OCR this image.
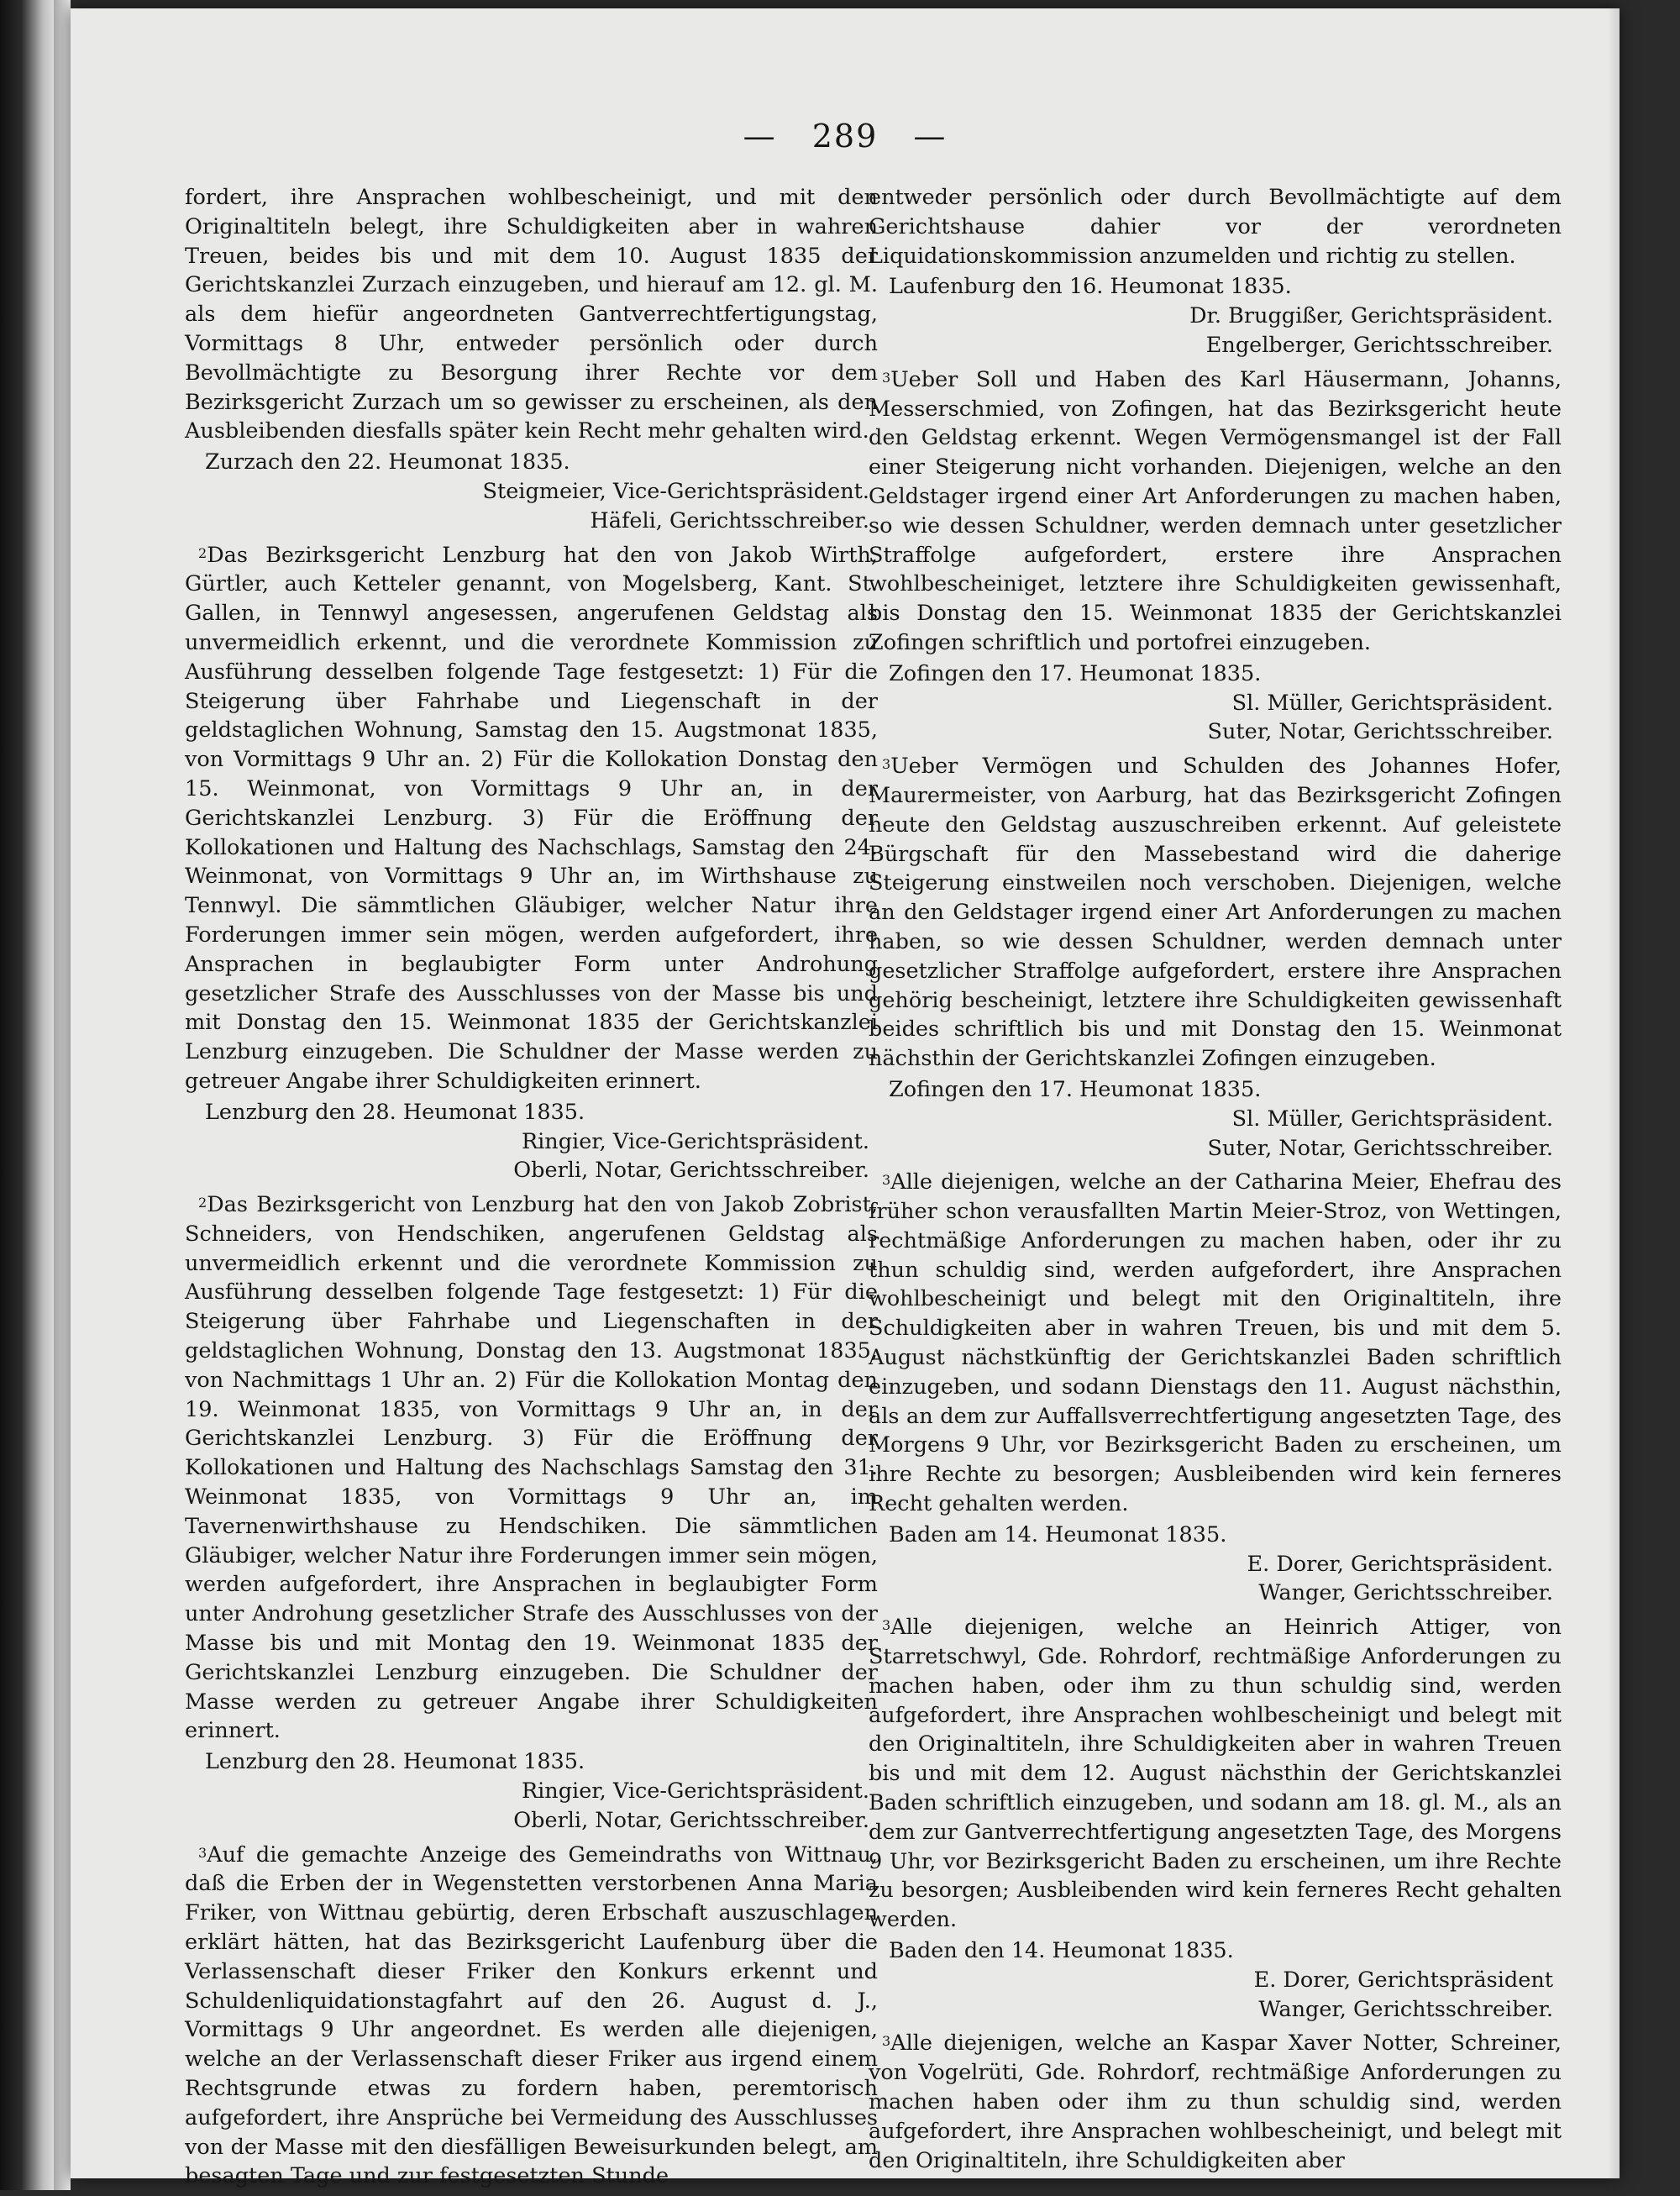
— 289 —

fordert, ihre Ansprachen wohlbescheinigt, und mit den Originaltiteln belegt, ihre Schuldigkeiten aber in wahren Treuen, beides bis und mit dem 10. August 1835 der Gerichtskanzlei Zurzach einzugeben, und hierauf am 12. gl. M. als dem hiefür angeordneten Gantverrechtfertigungstag, Vormittags 8 Uhr, entweder persönlich oder durch Bevollmächtigte zu Besorgung ihrer Rechte vor dem Bezirksgericht Zurzach um so gewisser zu erscheinen, als den Ausbleibenden diesfalls später kein Recht mehr gehalten wird.

Zurzach den 22. Heumonat 1835.
Steigmeier, Vice-Gerichtspräsident.
Häfeli, Gerichtsschreiber.

$^2$Das Bezirksgericht Lenzburg hat den von Jakob Wirth, Gürtler, auch Ketteler genannt, von Mogelsberg, Kant. St. Gallen, in Tennwyl angesessen, angerufenen Geldstag als unvermeidlich erkennt, und die verordnete Kommission zu Ausführung desselben folgende Tage festgesetzt: 1) Für die Steigerung über Fahrhabe und Liegenschaft in der geldstaglichen Wohnung, Samstag den 15. Augstmonat 1835, von Vormittags 9 Uhr an. 2) Für die Kollokation Donstag den 15. Weinmonat, von Vormittags 9 Uhr an, in der Gerichtskanzlei Lenzburg. 3) Für die Eröffnung der Kollokationen und Haltung des Nachschlags, Samstag den 24. Weinmonat, von Vormittags 9 Uhr an, im Wirthshause zu Tennwyl. Die sämmtlichen Gläubiger, welcher Natur ihre Forderungen immer sein mögen, werden aufgefordert, ihre Ansprachen in beglaubigter Form unter Androhung gesetzlicher Strafe des Ausschlusses von der Masse bis und mit Donstag den 15. Weinmonat 1835 der Gerichtskanzlei Lenzburg einzugeben. Die Schuldner der Masse werden zu getreuer Angabe ihrer Schuldigkeiten erinnert.

Lenzburg den 28. Heumonat 1835.
Ringier, Vice-Gerichtspräsident.
Oberli, Notar, Gerichtsschreiber.

$^2$Das Bezirksgericht von Lenzburg hat den von Jakob Zobrist, Schneiders, von Hendschiken, angerufenen Geldstag als unvermeidlich erkennt und die verordnete Kommission zu Ausführung desselben folgende Tage festgesetzt: 1) Für die Steigerung über Fahrhabe und Liegenschaften in der geldstaglichen Wohnung, Donstag den 13. Augstmonat 1835, von Nachmittags 1 Uhr an. 2) Für die Kollokation Montag den 19. Weinmonat 1835, von Vormittags 9 Uhr an, in der Gerichtskanzlei Lenzburg. 3) Für die Eröffnung der Kollokationen und Haltung des Nachschlags Samstag den 31. Weinmonat 1835, von Vormittags 9 Uhr an, im Tavernenwirthshause zu Hendschiken. Die sämmtlichen Gläubiger, welcher Natur ihre Forderungen immer sein mögen, werden aufgefordert, ihre Ansprachen in beglaubigter Form unter Androhung gesetzlicher Strafe des Ausschlusses von der Masse bis und mit Montag den 19. Weinmonat 1835 der Gerichtskanzlei Lenzburg einzugeben. Die Schuldner der Masse werden zu getreuer Angabe ihrer Schuldigkeiten erinnert.

Lenzburg den 28. Heumonat 1835.
Ringier, Vice-Gerichtspräsident.
Oberli, Notar, Gerichtsschreiber.

$^3$Auf die gemachte Anzeige des Gemeindraths von Wittnau, daß die Erben der in Wegenstetten verstorbenen Anna Maria Friker, von Wittnau gebürtig, deren Erbschaft auszuschlagen erklärt hätten, hat das Bezirksgericht Laufenburg über die Verlassenschaft dieser Friker den Konkurs erkennt und Schuldenliquidationstagfahrt auf den 26. August d. J., Vormittags 9 Uhr angeordnet. Es werden alle diejenigen, welche an der Verlassenschaft dieser Friker aus irgend einem Rechtsgrunde etwas zu fordern haben, peremtorisch aufgefordert, ihre Ansprüche bei Vermeidung des Ausschlusses von der Masse mit den diesfälligen Beweisurkunden belegt, am besagten Tage und zur festgesetzten Stunde

entweder persönlich oder durch Bevollmächtigte auf dem Gerichtshause dahier vor der verordneten Liquidationskommission anzumelden und richtig zu stellen.

Laufenburg den 16. Heumonat 1835.
Dr. Bruggißer, Gerichtspräsident.
Engelberger, Gerichtsschreiber.

$^3$Ueber Soll und Haben des Karl Häusermann, Johanns, Messerschmied, von Zofingen, hat das Bezirksgericht heute den Geldstag erkennt. Wegen Vermögensmangel ist der Fall einer Steigerung nicht vorhanden. Diejenigen, welche an den Geldstager irgend einer Art Anforderungen zu machen haben, so wie dessen Schuldner, werden demnach unter gesetzlicher Straffolge aufgefordert, erstere ihre Ansprachen wohlbescheiniget, letztere ihre Schuldigkeiten gewissenhaft, bis Donstag den 15. Weinmonat 1835 der Gerichtskanzlei Zofingen schriftlich und portofrei einzugeben.

Zofingen den 17. Heumonat 1835.
Sl. Müller, Gerichtspräsident.
Suter, Notar, Gerichtsschreiber.

$^3$Ueber Vermögen und Schulden des Johannes Hofer, Maurermeister, von Aarburg, hat das Bezirksgericht Zofingen heute den Geldstag auszuschreiben erkennt. Auf geleistete Bürgschaft für den Massebestand wird die daherige Steigerung einstweilen noch verschoben. Diejenigen, welche an den Geldstager irgend einer Art Anforderungen zu machen haben, so wie dessen Schuldner, werden demnach unter gesetzlicher Straffolge aufgefordert, erstere ihre Ansprachen gehörig bescheinigt, letztere ihre Schuldigkeiten gewissenhaft beides schriftlich bis und mit Donstag den 15. Weinmonat nächsthin der Gerichtskanzlei Zofingen einzugeben.

Zofingen den 17. Heumonat 1835.
Sl. Müller, Gerichtspräsident.
Suter, Notar, Gerichtsschreiber.

$^3$Alle diejenigen, welche an der Catharina Meier, Ehefrau des früher schon verausfallten Martin Meier-Stroz, von Wettingen, rechtmäßige Anforderungen zu machen haben, oder ihr zu thun schuldig sind, werden aufgefordert, ihre Ansprachen wohlbescheinigt und belegt mit den Originaltiteln, ihre Schuldigkeiten aber in wahren Treuen, bis und mit dem 5. August nächstkünftig der Gerichtskanzlei Baden schriftlich einzugeben, und sodann Dienstags den 11. August nächsthin, als an dem zur Auffallsverrechtfertigung angesetzten Tage, des Morgens 9 Uhr, vor Bezirksgericht Baden zu erscheinen, um ihre Rechte zu besorgen; Ausbleibenden wird kein ferneres Recht gehalten werden.

Baden am 14. Heumonat 1835.
E. Dorer, Gerichtspräsident.
Wanger, Gerichtsschreiber.

$^3$Alle diejenigen, welche an Heinrich Attiger, von Starretschwyl, Gde. Rohrdorf, rechtmäßige Anforderungen zu machen haben, oder ihm zu thun schuldig sind, werden aufgefordert, ihre Ansprachen wohlbescheinigt und belegt mit den Originaltiteln, ihre Schuldigkeiten aber in wahren Treuen bis und mit dem 12. August nächsthin der Gerichtskanzlei Baden schriftlich einzugeben, und sodann am 18. gl. M., als an dem zur Gantverrechtfertigung angesetzten Tage, des Morgens 9 Uhr, vor Bezirksgericht Baden zu erscheinen, um ihre Rechte zu besorgen; Ausbleibenden wird kein ferneres Recht gehalten werden.

Baden den 14. Heumonat 1835.
E. Dorer, Gerichtspräsident
Wanger, Gerichtsschreiber.

$^3$Alle diejenigen, welche an Kaspar Xaver Notter, Schreiner, von Vogelrüti, Gde. Rohrdorf, rechtmäßige Anforderungen zu machen haben oder ihm zu thun schuldig sind, werden aufgefordert, ihre Ansprachen wohlbescheinigt, und belegt mit den Originaltiteln, ihre Schuldigkeiten aber
